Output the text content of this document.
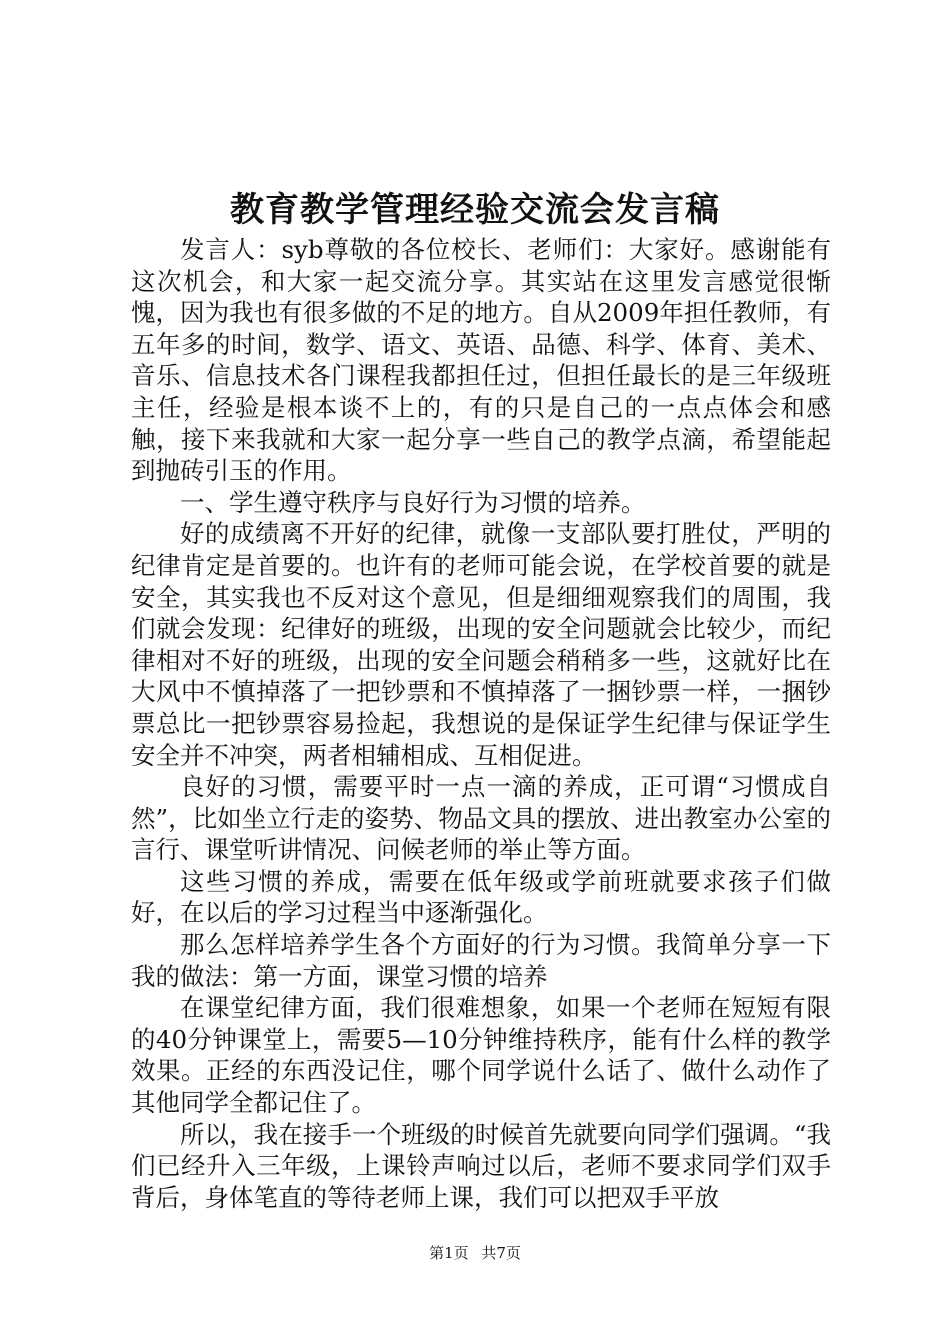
教育教学管理经验交流会发言稿

发言人：syb尊敬的各位校长、老师们：大家好。感谢能有这次机会，和大家一起交流分享。其实站在这里发言感觉很惭愧，因为我也有很多做的不足的地方。自从2009年担任教师，有五年多的时间，数学、语文、英语、品德、科学、体育、美术、音乐、信息技术各门课程我都担任过，但担任最长的是三年级班主任，经验是根本谈不上的，有的只是自己的一点点体会和感触，接下来我就和大家一起分享一些自己的教学点滴，希望能起到抛砖引玉的作用。

一、学生遵守秩序与良好行为习惯的培养。

好的成绩离不开好的纪律，就像一支部队要打胜仗，严明的纪律肯定是首要的。也许有的老师可能会说，在学校首要的就是安全，其实我也不反对这个意见，但是细细观察我们的周围，我们就会发现：纪律好的班级，出现的安全问题就会比较少，而纪律相对不好的班级，出现的安全问题会稍稍多一些，这就好比在大风中不慎掉落了一把钞票和不慎掉落了一捆钞票一样，一捆钞票总比一把钞票容易捡起，我想说的是保证学生纪律与保证学生安全并不冲突，两者相辅相成、互相促进。

良好的习惯，需要平时一点一滴的养成，正可谓“习惯成自然”，比如坐立行走的姿势、物品文具的摆放、进出教室办公室的言行、课堂听讲情况、问候老师的举止等方面。

这些习惯的养成，需要在低年级或学前班就要求孩子们做好，在以后的学习过程当中逐渐强化。

那么怎样培养学生各个方面好的行为习惯。我简单分享一下我的做法：第一方面，课堂习惯的培养

在课堂纪律方面，我们很难想象，如果一个老师在短短有限的40分钟课堂上，需要5—10分钟维持秩序，能有什么样的教学效果。正经的东西没记住，哪个同学说什么话了、做什么动作了其他同学全都记住了。

所以，我在接手一个班级的时候首先就要向同学们强调。“我们已经升入三年级，上课铃声响过以后，老师不要求同学们双手背后，身体笔直的等待老师上课，我们可以把双手平放

第1页 共7页
